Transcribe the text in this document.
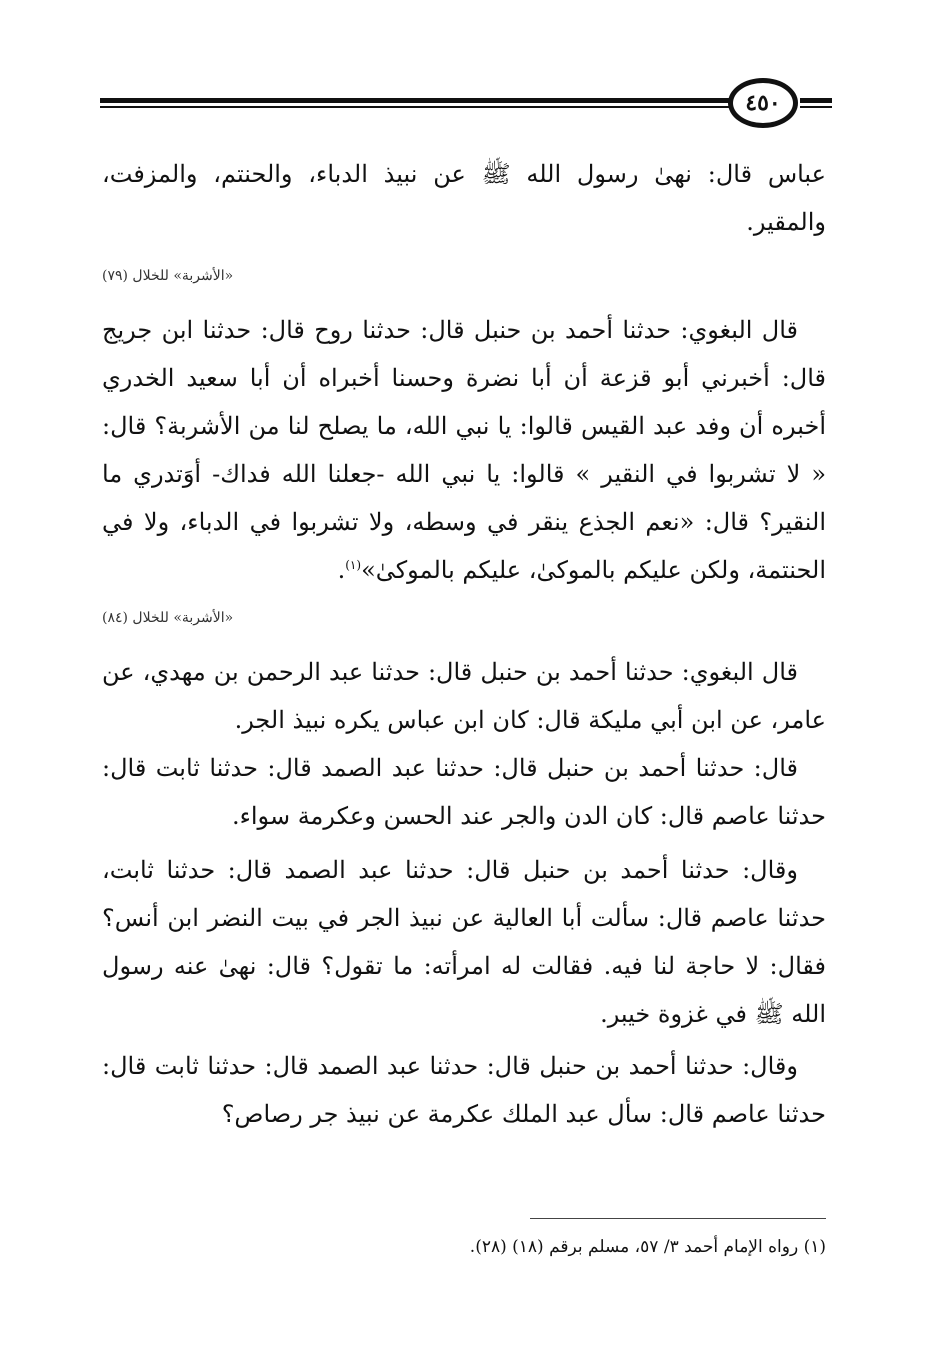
٤٥٠

عباس قال: نهىٰ رسول الله ﷺ عن نبيذ الدباء، والحنتم، والمزفت، والمقير.

«الأشربة» للخلال (٧٩)

قال البغوي: حدثنا أحمد بن حنبل قال: حدثنا روح قال: حدثنا ابن جريج قال: أخبرني أبو قزعة أن أبا نضرة وحسنا أخبراه أن أبا سعيد الخدري أخبره أن وفد عبد القيس قالوا: يا نبي الله، ما يصلح لنا من الأشربة؟ قال: « لا تشربوا في النقير » قالوا: يا نبي الله -جعلنا الله فداك- أوَتدري ما النقير؟ قال: «نعم الجذع ينقر في وسطه، ولا تشربوا في الدباء، ولا في الحنتمة، ولكن عليكم بالموكىٰ، عليكم بالموكىٰ»$^{(١)}$.

«الأشربة» للخلال (٨٤)

قال البغوي: حدثنا أحمد بن حنبل قال: حدثنا عبد الرحمن بن مهدي، عن عامر، عن ابن أبي مليكة قال: كان ابن عباس يكره نبيذ الجر.

قال: حدثنا أحمد بن حنبل قال: حدثنا عبد الصمد قال: حدثنا ثابت قال: حدثنا عاصم قال: كان الدن والجر عند الحسن وعكرمة سواء.

وقال: حدثنا أحمد بن حنبل قال: حدثنا عبد الصمد قال: حدثنا ثابت، حدثنا عاصم قال: سألت أبا العالية عن نبيذ الجر في بيت النضر ابن أنس؟ فقال: لا حاجة لنا فيه. فقالت له امرأته: ما تقول؟ قال: نهىٰ عنه رسول الله ﷺ في غزوة خيبر.

وقال: حدثنا أحمد بن حنبل قال: حدثنا عبد الصمد قال: حدثنا ثابت قال: حدثنا عاصم قال: سأل عبد الملك عكرمة عن نبيذ جر رصاص؟

(١) رواه الإمام أحمد ٣/ ٥٧، مسلم برقم (١٨) (٢٨).
